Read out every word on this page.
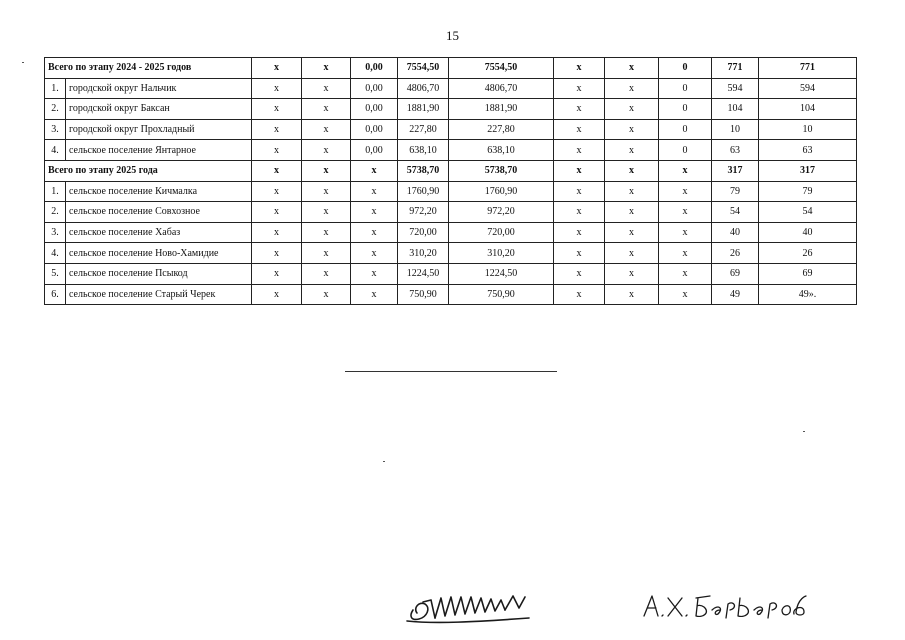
15
Всего по этапу 2024 - 2025 годов		х	х	0,00	7554,50	7554,50	х	х	0	771	771
1.	городской округ Нальчик	х	х	0,00	4806,70	4806,70	х	х	0	594	594
2.	городской округ Баксан	х	х	0,00	1881,90	1881,90	х	х	0	104	104
3.	городской округ Прохладный	х	х	0,00	227,80	227,80	х	х	0	10	10
4.	сельское поселение Янтарное	х	х	0,00	638,10	638,10	х	х	0	63	63
Всего по этапу 2025 года		х	х	х	5738,70	5738,70	х	х	х	317	317
1.	сельское поселение Кичмалка	х	х	х	1760,90	1760,90	х	х	х	79	79
2.	сельское поселение Совхозное	х	х	х	972,20	972,20	х	х	х	54	54
3.	сельское поселение Хабаз	х	х	х	720,00	720,00	х	х	х	40	40
4.	сельское поселение Ново-Хамидие	х	х	х	310,20	310,20	х	х	х	26	26
5.	сельское поселение Псыкод	х	х	х	1224,50	1224,50	х	х	х	69	69
6.	сельское поселение Старый Черек	х	х	х	750,90	750,90	х	х	х	49	49».
